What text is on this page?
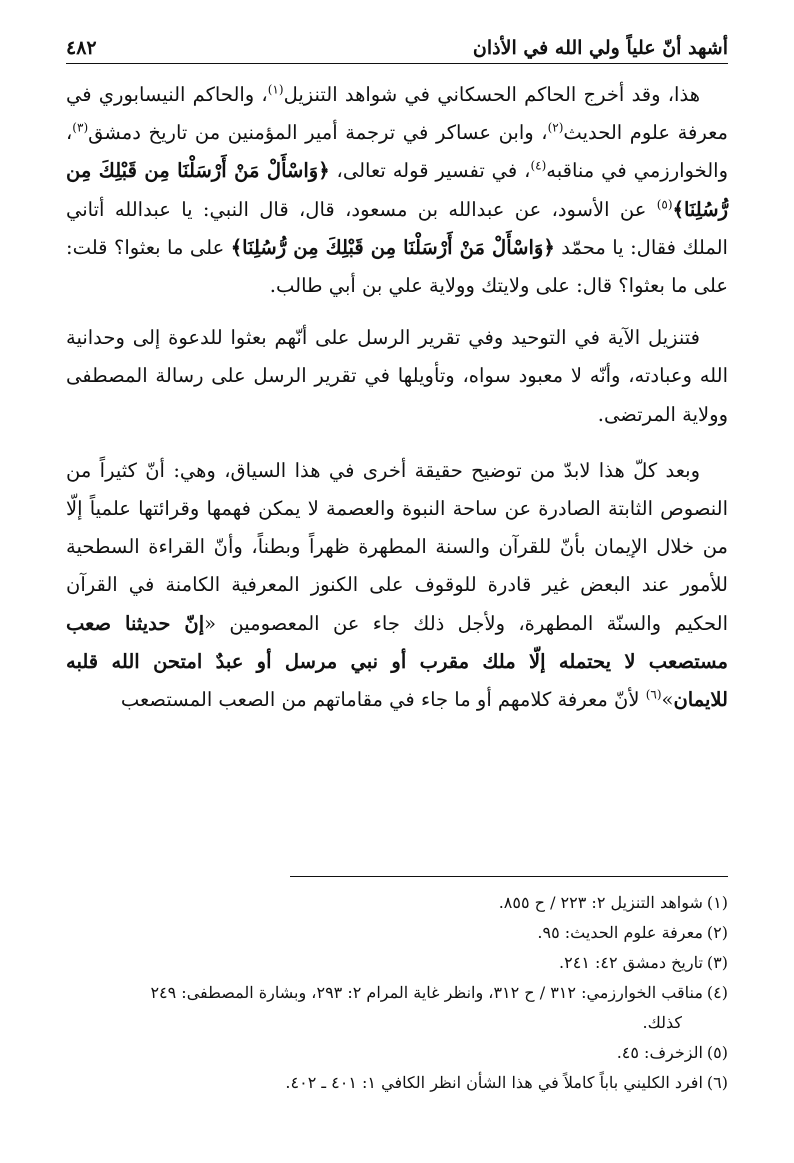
٤٨٢	أشهد أنّ علياً ولي الله في الأذان

هذا، وقد أخرج الحاكم الحسكاني في شواهد التنزيل$^{(١)}$، والحاكم النيسابوري في معرفة علوم الحديث$^{(٢)}$، وابن عساكر في ترجمة أمير المؤمنين من تاريخ دمشق$^{(٣)}$، والخوارزمي في مناقبه$^{(٤)}$، في تفسير قوله تعالى، ﴿وَاسْأَلْ مَنْ أَرْسَلْنَا مِن قَبْلِكَ مِن رُّسُلِنَا﴾$^{(٥)}$ عن الأسود، عن عبدالله بن مسعود، قال، قال النبي: يا عبدالله أتاني الملك فقال: يا محمّد ﴿وَاسْأَلْ مَنْ أَرْسَلْنَا مِن قَبْلِكَ مِن رُّسُلِنَا﴾ على ما بعثوا؟ قلت: على ما بعثوا؟ قال: على ولايتك وولاية علي بن أبي طالب.

فتنزيل الآية في التوحيد وفي تقرير الرسل على أنّهم بعثوا للدعوة إلى وحدانية الله وعبادته، وأنّه لا معبود سواه، وتأويلها في تقرير الرسل على رسالة المصطفى وولاية المرتضى.

وبعد كلّ هذا لابدّ من توضيح حقيقة أخرى في هذا السياق، وهي: أنّ كثيراً من النصوص الثابتة الصادرة عن ساحة النبوة والعصمة لا يمكن فهمها وقرائتها علمياً إلّا من خلال الإيمان بأنّ للقرآن والسنة المطهرة ظهراً وبطناً، وأنّ القراءة السطحية للأمور عند البعض غير قادرة للوقوف على الكنوز المعرفية الكامنة في القرآن الحكيم والسنّة المطهرة، ولأجل ذلك جاء عن المعصومين «إنّ حديثنا صعب مستصعب لا يحتمله إلّا ملك مقرب أو نبي مرسل أو عبدٌ امتحن الله قلبه للايمان»$^{(٦)}$ لأنّ معرفة كلامهم أو ما جاء في مقاماتهم من الصعب المستصعب

(١)شواهد التنزيل ٢: ٢٢٣ / ح ٨٥٥.
(٢)معرفة علوم الحديث: ٩٥.
(٣)تاريخ دمشق ٤٢: ٢٤١.
(٤)مناقب الخوارزمي: ٣١٢ / ح ٣١٢، وانظر غاية المرام ٢: ٢٩٣، وبشارة المصطفى: ٢٤٩
كذلك.
(٥)الزخرف: ٤٥.
(٦)افرد الكليني باباً كاملاً في هذا الشأن انظر الكافي ١: ٤٠١ ـ ٤٠٢.
